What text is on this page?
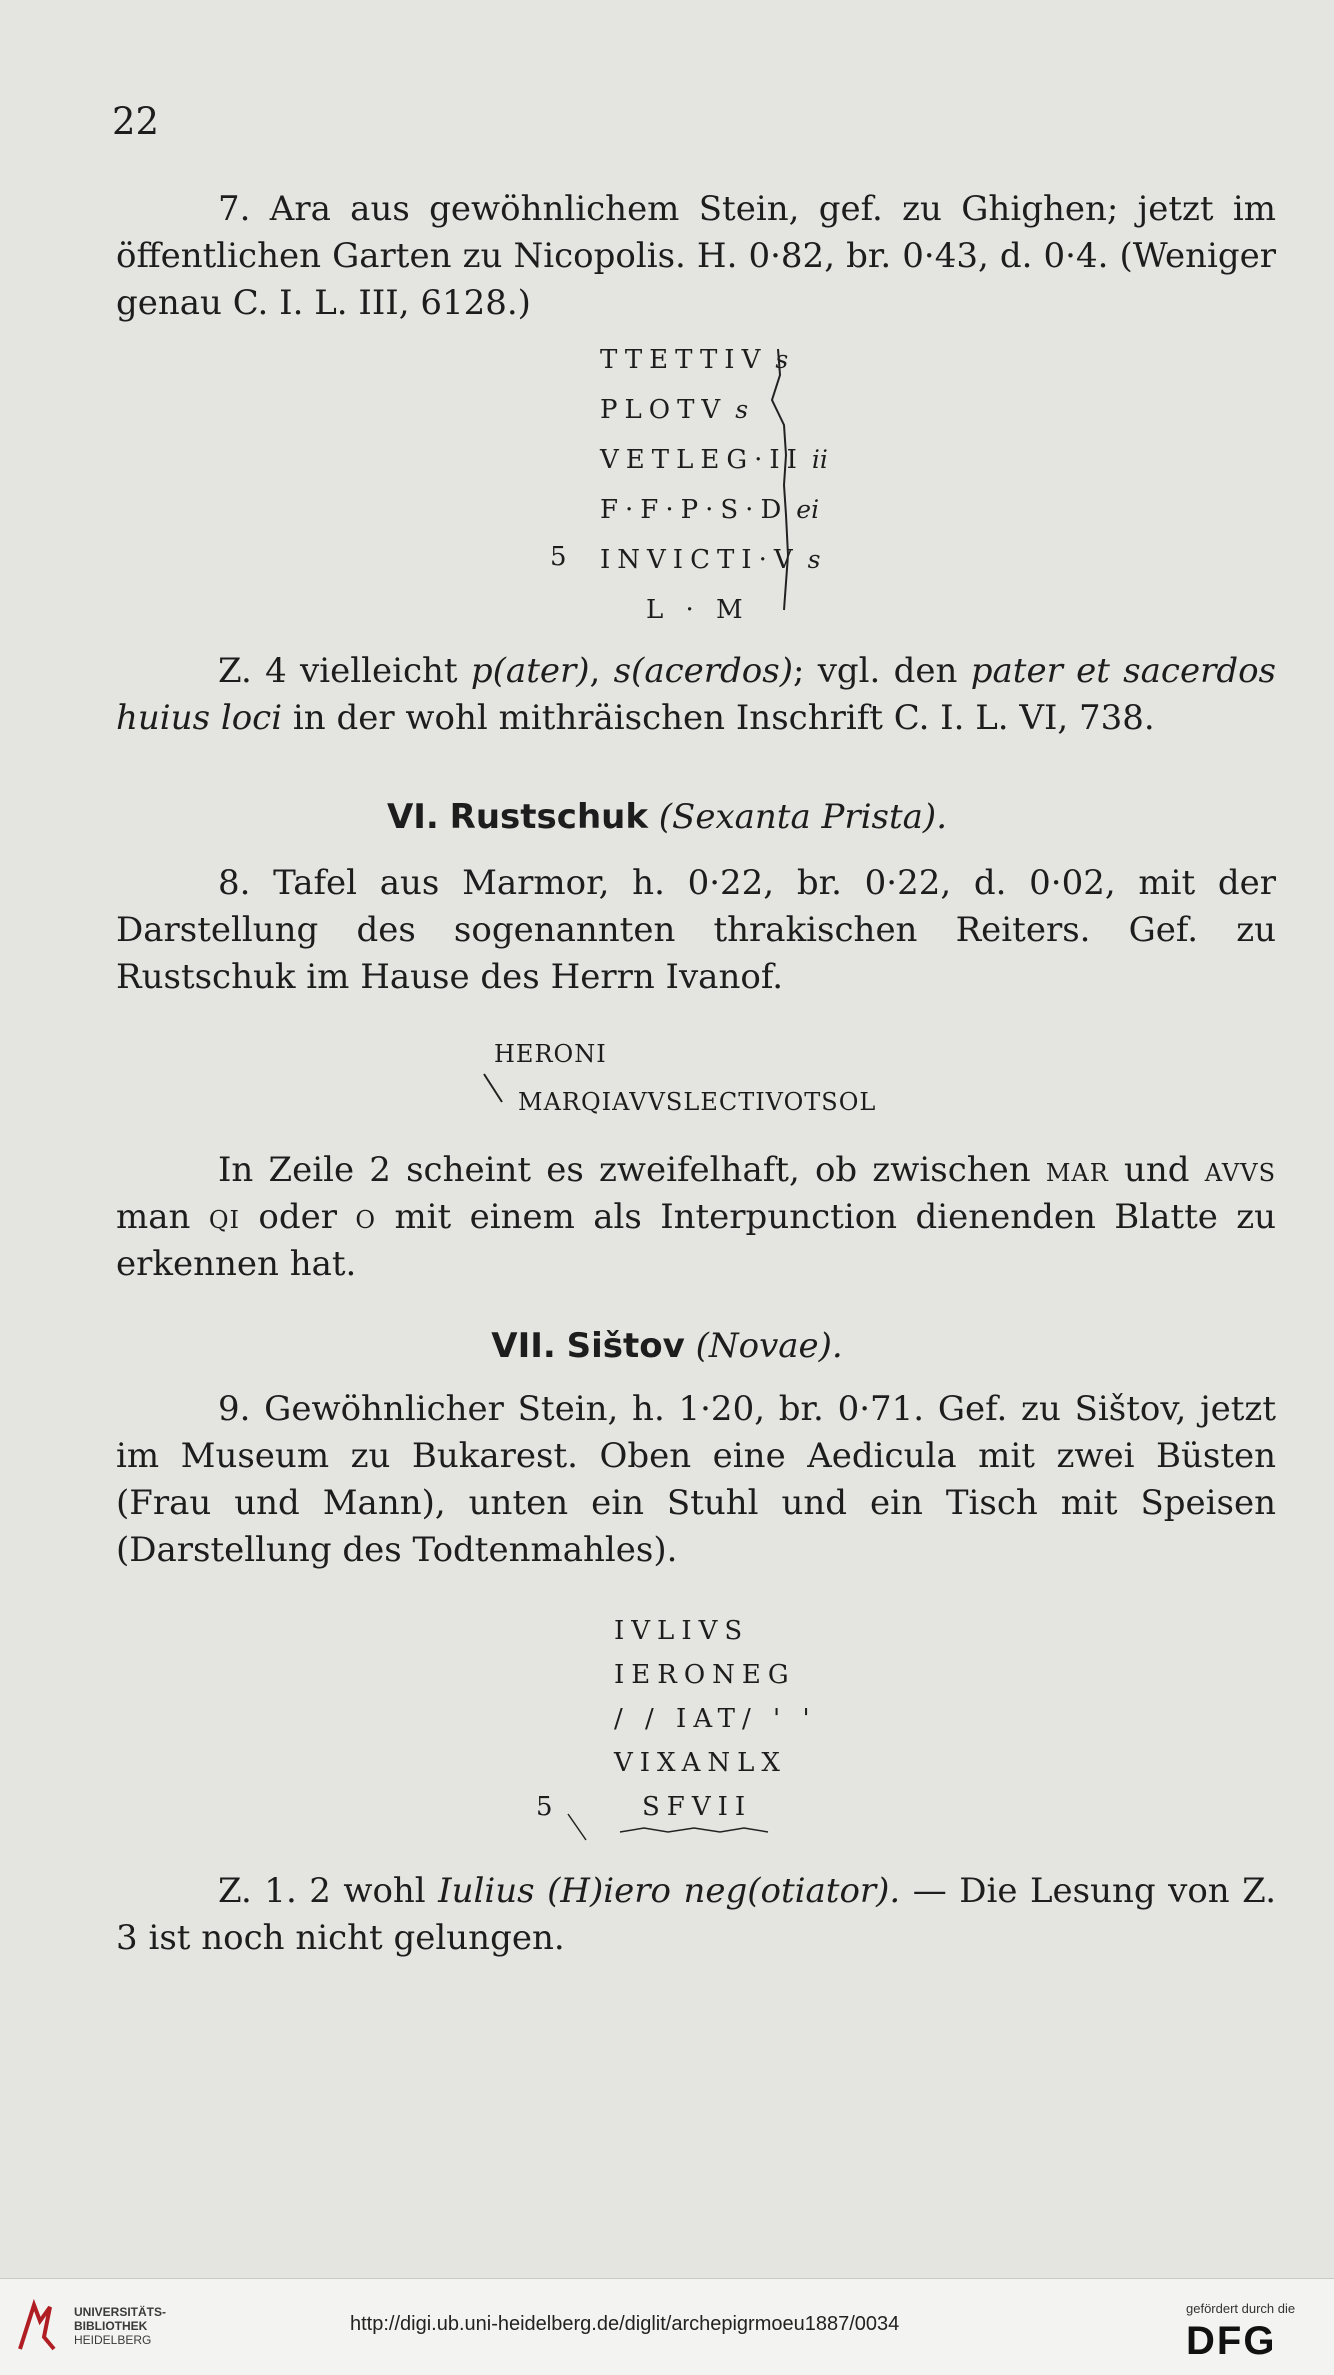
22

7. Ara aus gewöhnlichem Stein, gef. zu Ghighen; jetzt im öffentlichen Garten zu Nicopolis. H. 0·82, br. 0·43, d. 0·4. (Weniger genau C. I. L. III, 6128.)

TTETTIV s
PLOTV s
VETLEG·II ii
F·F·P·S·D ei
5 INVICTI·V s
L · M

Z. 4 vielleicht p(ater), s(acerdos); vgl. den pater et sacerdos huius loci in der wohl mithräischen Inschrift C. I. L. VI, 738.

VI. Rustschuk (Sexanta Prista).

8. Tafel aus Marmor, h. 0·22, br. 0·22, d. 0·02, mit der Darstellung des sogenannten thrakischen Reiters. Gef. zu Rustschuk im Hause des Herrn Ivanof.

HERONI
MARQIAVVSLECTIVOTSOL

In Zeile 2 scheint es zweifelhaft, ob zwischen mar und avvs man qi oder o mit einem als Interpunction dienenden Blatte zu erkennen hat.

VII. Sištov (Novae).

9. Gewöhnlicher Stein, h. 1·20, br. 0·71. Gef. zu Sištov, jetzt im Museum zu Bukarest. Oben eine Aedicula mit zwei Büsten (Frau und Mann), unten ein Stuhl und ein Tisch mit Speisen (Darstellung des Todtenmahles).

IVLIVS
IERONEG
/ / IAT/ ' '
VIXANLX
5	SFVII

Z. 1. 2 wohl Iulius (H)iero neg(otiator). — Die Lesung von Z. 3 ist noch nicht gelungen.

UNIVERSITÄTS-
BIBLIOTHEK
HEIDELBERG
http://digi.ub.uni-heidelberg.de/diglit/archepigrmoeu1887/0034
gefördert durch die
DFG
